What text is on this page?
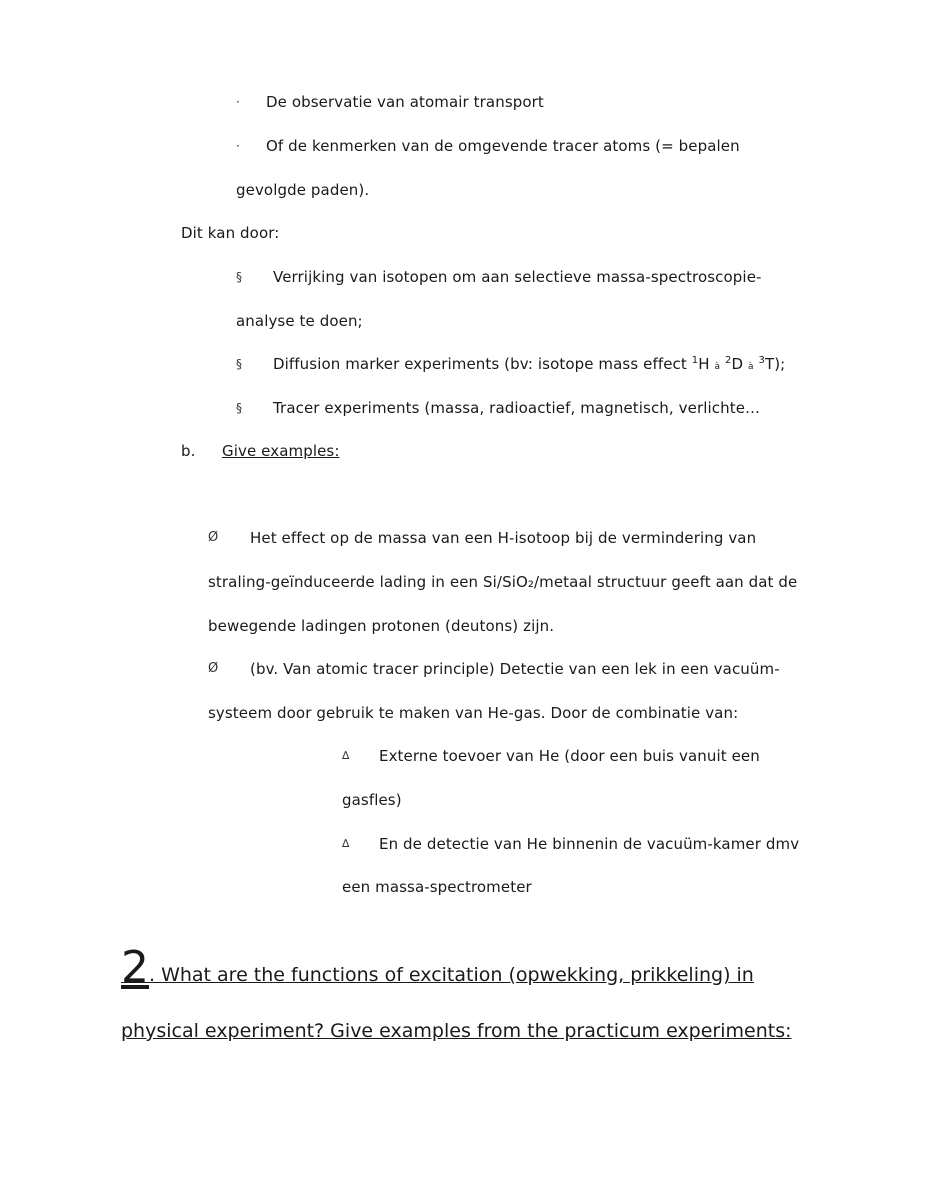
· De observatie van atomair transport
· Of de kenmerken van de omgevende tracer atoms (= bepalen
gevolgde paden).
Dit kan door:
§ Verrijking van isotopen om aan selectieve massa-spectroscopie-
analyse te doen;
§ Diffusion marker experiments (bv: isotope mass effect $^1$H à $^2$D à $^3$T);
§ Tracer experiments (massa, radioactief, magnetisch, verlichte…
b. Give examples:
Ø Het effect op de massa van een H-isotoop bij de vermindering van
straling-geïnduceerde lading in een Si/SiO₂/metaal structuur geeft aan dat de
bewegende ladingen protonen (deutons) zijn.
Ø (bv. Van atomic tracer principle) Detectie van een lek in een vacuüm-
systeem door gebruik te maken van He-gas. Door de combinatie van:
∆ Externe toevoer van He (door een buis vanuit een
gasfles)
∆ En de detectie van He binnenin de vacuüm-kamer dmv
een massa-spectrometer
2. What are the functions of excitation (opwekking, prikkeling) in
physical experiment? Give examples from the practicum experiments:
